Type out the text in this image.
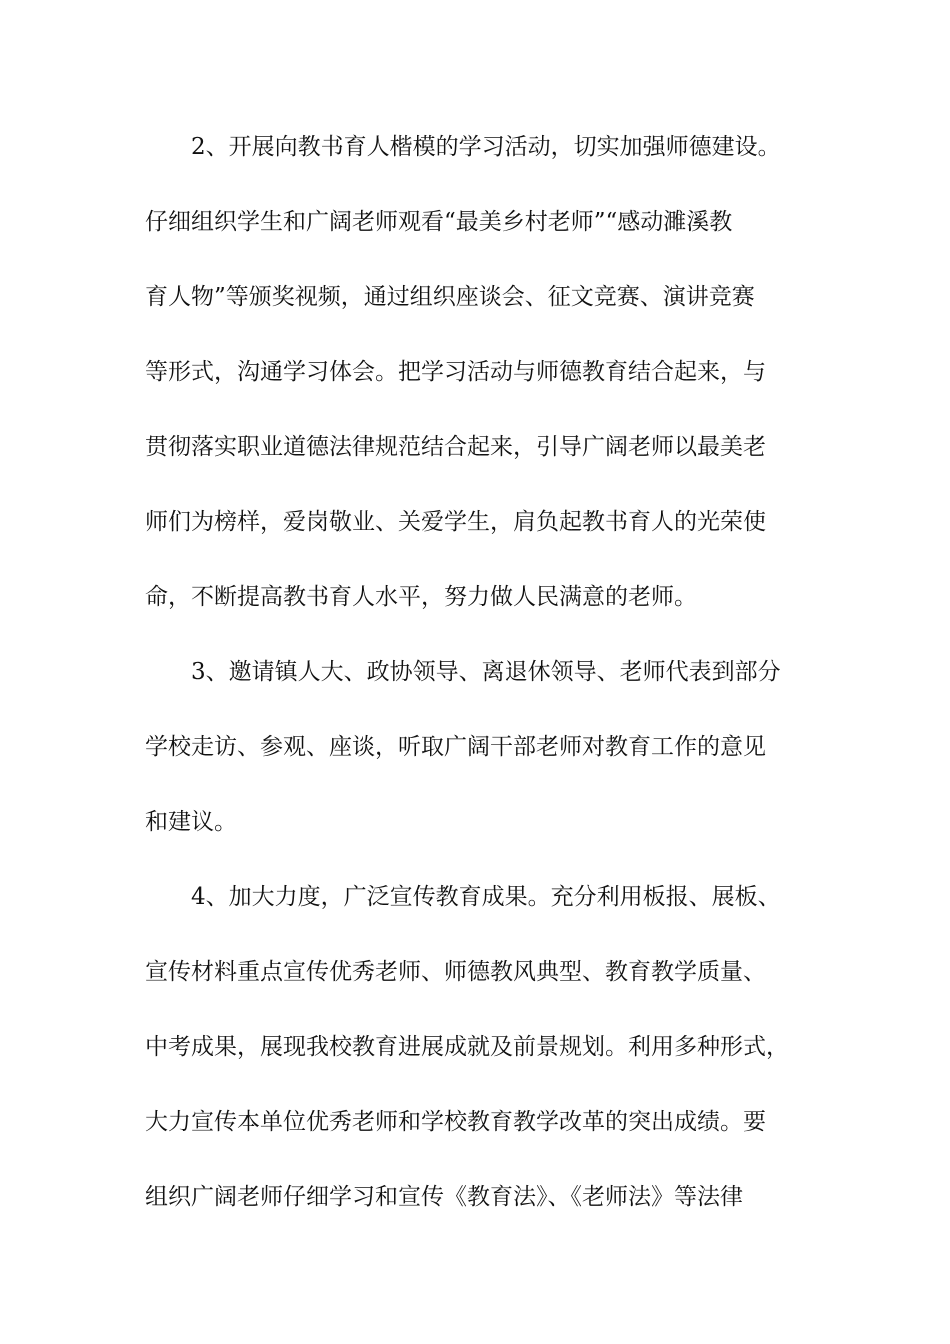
2、开展向教书育人楷模的学习活动，切实加强师德建设。
仔细组织学生和广阔老师观看“最美乡村老师”“感动濉溪教
育人物”等颁奖视频，通过组织座谈会、征文竞赛、演讲竞赛
等形式，沟通学习体会。把学习活动与师德教育结合起来，与
贯彻落实职业道德法律规范结合起来，引导广阔老师以最美老
师们为榜样，爱岗敬业、关爱学生，肩负起教书育人的光荣使
命，不断提高教书育人水平，努力做人民满意的老师。
3、邀请镇人大、政协领导、离退休领导、老师代表到部分
学校走访、参观、座谈，听取广阔干部老师对教育工作的意见
和建议。
4、加大力度，广泛宣传教育成果。充分利用板报、展板、
宣传材料重点宣传优秀老师、师德教风典型、教育教学质量、
中考成果，展现我校教育进展成就及前景规划。利用多种形式，
大力宣传本单位优秀老师和学校教育教学改革的突出成绩。要
组织广阔老师仔细学习和宣传《教育法》、《老师法》等法律
